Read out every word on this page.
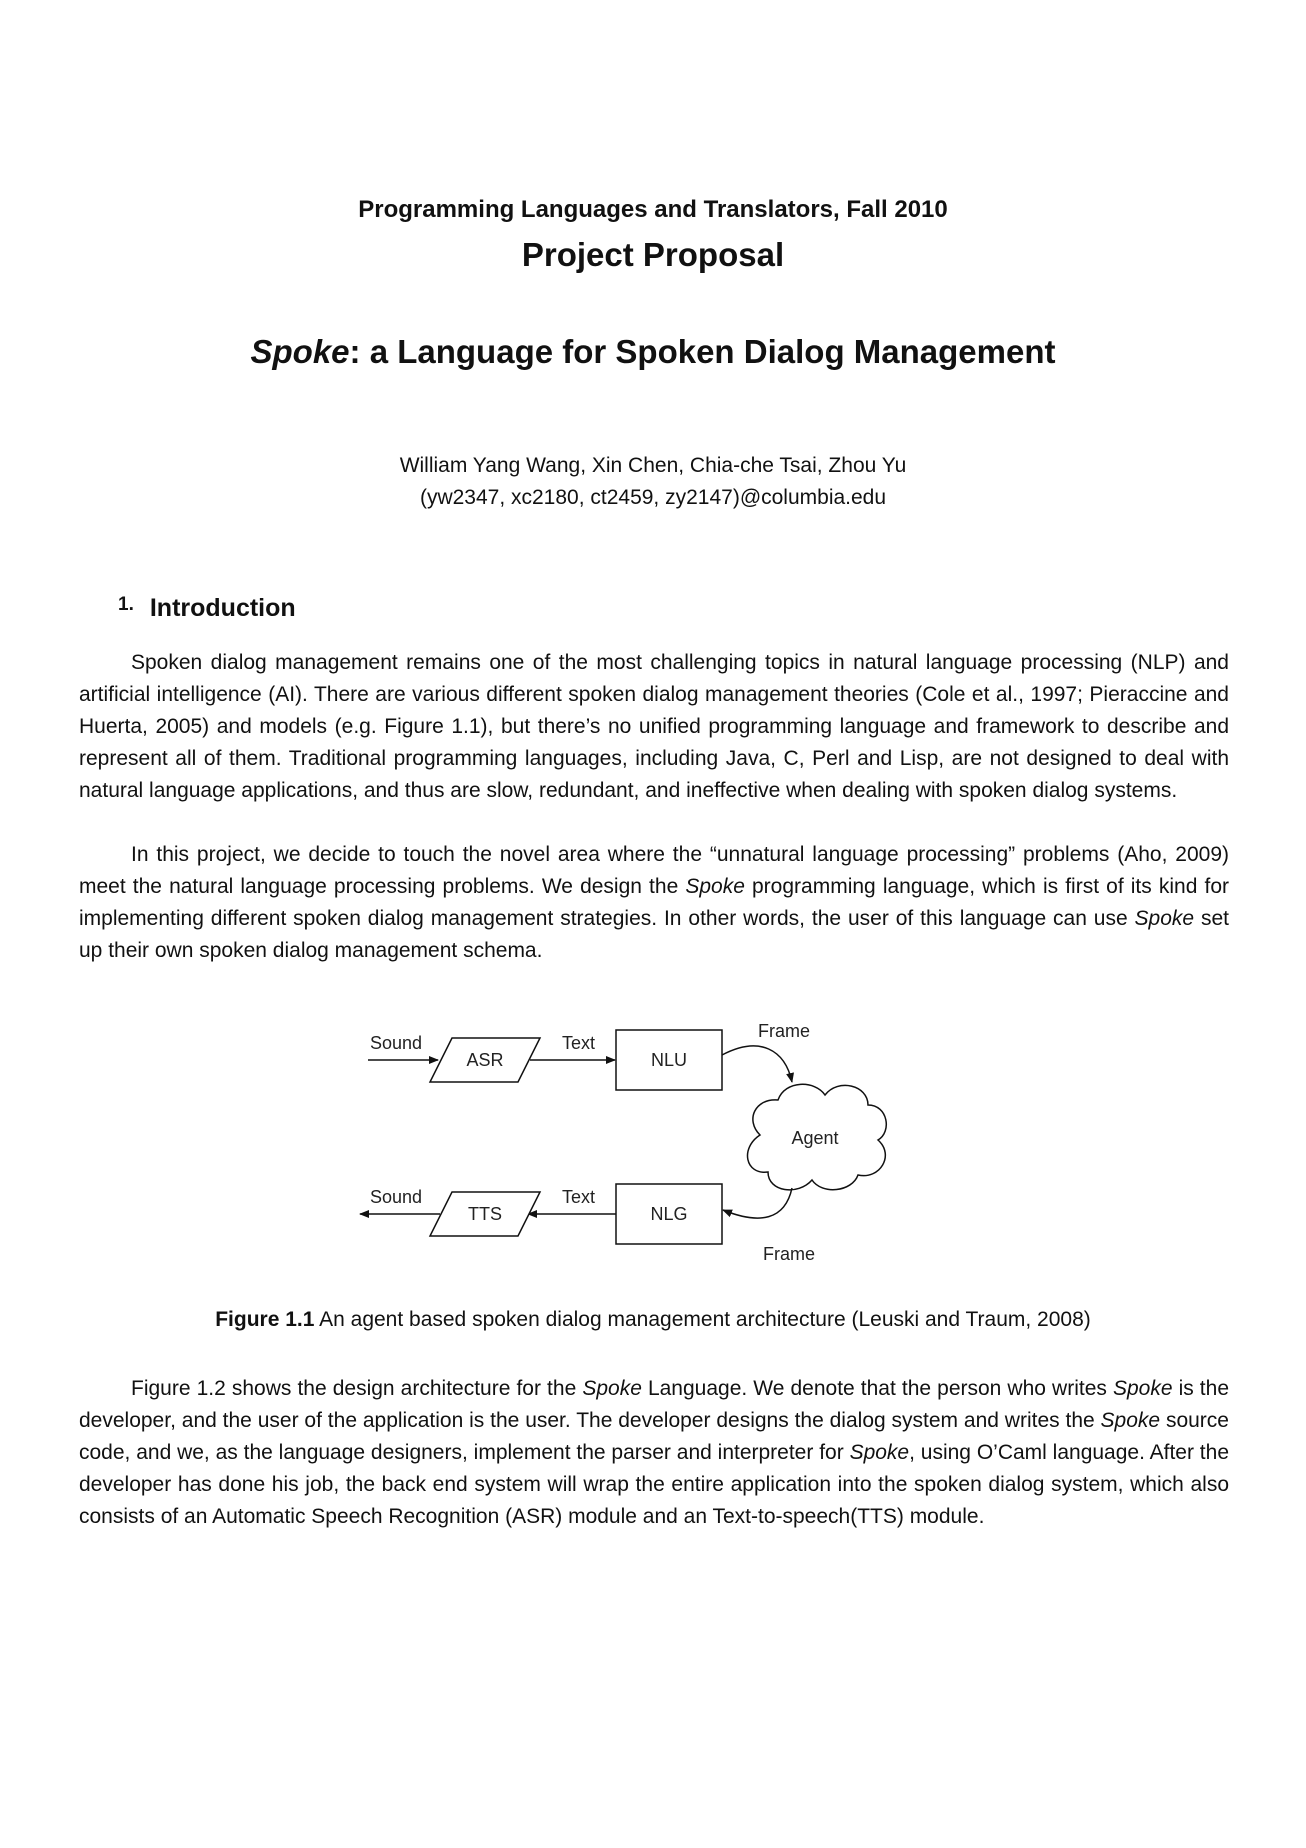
Programming Languages and Translators, Fall 2010
Project Proposal
Spoke: a Language for Spoken Dialog Management
William Yang Wang, Xin Chen, Chia-che Tsai, Zhou Yu
(yw2347, xc2180, ct2459, zy2147)@columbia.edu
$^{1.}$ Introduction

Spoken dialog management remains one of the most challenging topics in natural language processing (NLP) and artificial intelligence (AI). There are various different spoken dialog management theories (Cole et al., 1997; Pieraccine and Huerta, 2005) and models (e.g. Figure 1.1), but there’s no unified programming language and framework to describe and represent all of them. Traditional programming languages, including Java, C, Perl and Lisp, are not designed to deal with natural language applications, and thus are slow, redundant, and ineffective when dealing with spoken dialog systems.

In this project, we decide to touch the novel area where the “unnatural language processing” problems (Aho, 2009) meet the natural language processing problems. We design the Spoke programming language, which is first of its kind for implementing different spoken dialog management strategies. In other words, the user of this language can use Spoke set up their own spoken dialog management schema.

Sound
ASR
Text
NLU
Frame
Agent
Frame
NLG
Text
TTS
Sound
Figure 1.1 An agent based spoken dialog management architecture (Leuski and Traum, 2008)

Figure 1.2 shows the design architecture for the Spoke Language. We denote that the person who writes Spoke is the developer, and the user of the application is the user. The developer designs the dialog system and writes the Spoke source code, and we, as the language designers, implement the parser and interpreter for Spoke, using O’Caml language. After the developer has done his job, the back end system will wrap the entire application into the spoken dialog system, which also consists of an Automatic Speech Recognition (ASR) module and an Text-to-speech(TTS) module.
